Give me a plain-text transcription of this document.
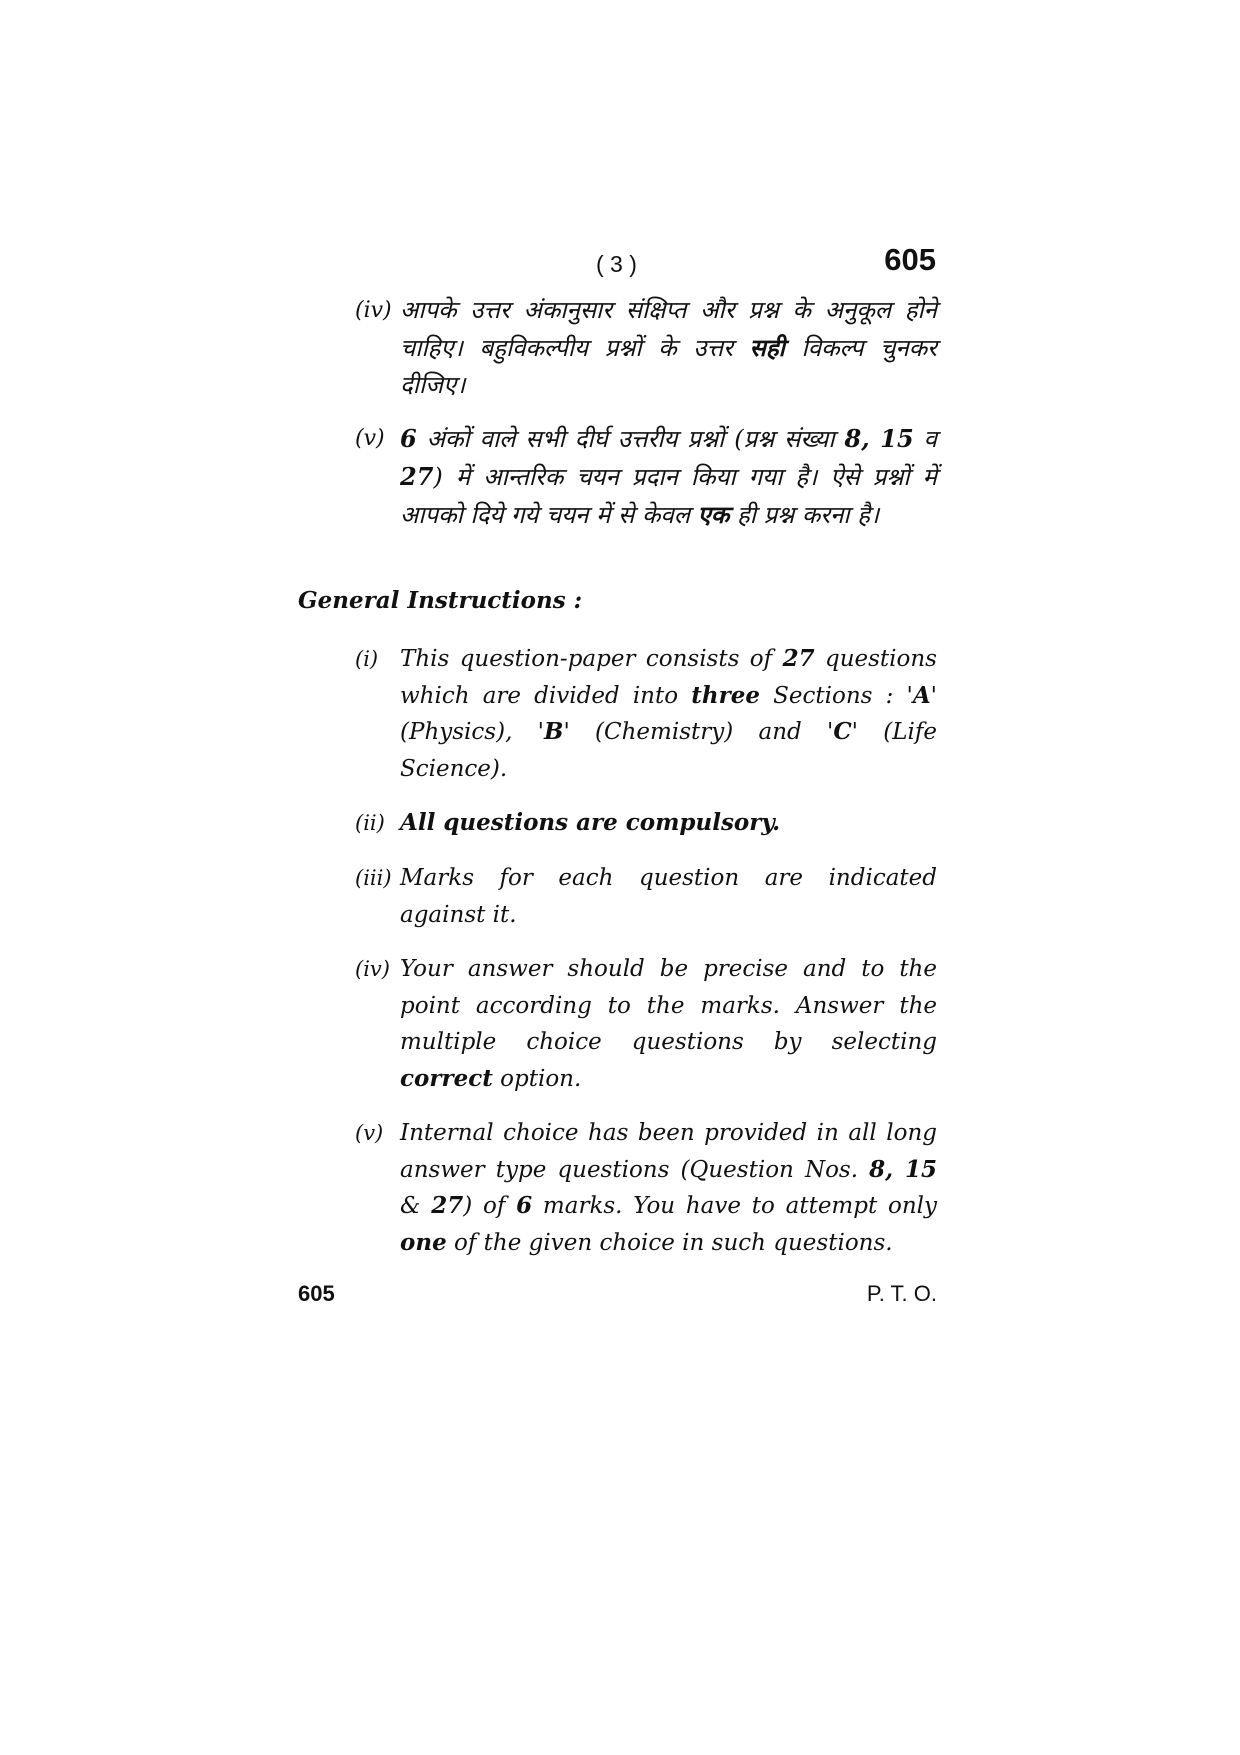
( 3 )	605
(iv) आपके उत्तर अंकानुसार संक्षिप्त और प्रश्न के अनुकूल होने चाहिए। बहुविकल्पीय प्रश्नों के उत्तर सही विकल्प चुनकर दीजिए।
(v) 6 अंकों वाले सभी दीर्घ उत्तरीय प्रश्नों (प्रश्न संख्या 8, 15 व 27) में आन्तरिक चयन प्रदान किया गया है। ऐसे प्रश्नों में आपको दिये गये चयन में से केवल एक ही प्रश्न करना है।
General Instructions :
(i) This question-paper consists of 27 questions which are divided into three Sections : 'A' (Physics), 'B' (Chemistry) and 'C' (Life Science).
(ii) All questions are compulsory.
(iii) Marks for each question are indicated against it.
(iv) Your answer should be precise and to the point according to the marks. Answer the multiple choice questions by selecting correct option.
(v) Internal choice has been provided in all long answer type questions (Question Nos. 8, 15 & 27) of 6 marks. You have to attempt only one of the given choice in such questions.
605	P. T. O.
